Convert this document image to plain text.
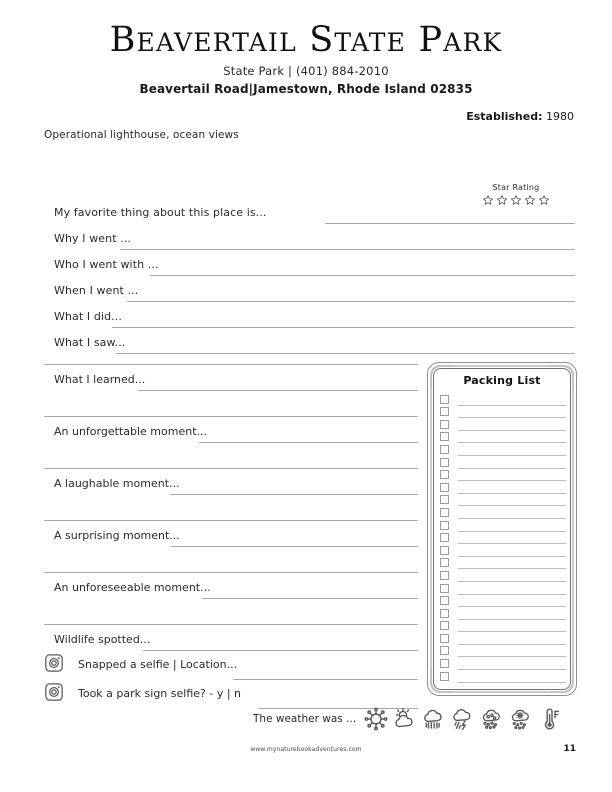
Beavertail State Park
State Park | (401) 884-2010
Beavertail Road|Jamestown, Rhode Island 02835
Established: 1980
Operational lighthouse, ocean views
Star Rating
My favorite thing about this place is...
Why I went ...
Who I went with ...
When I went ...
What I did...
What I saw...
What I learned...
An unforgettable moment...
A laughable moment...
A surprising moment...
An unforeseeable moment...
Wildlife spotted...
Snapped a selfie | Location...
Took a park sign selfie? - y | n
Packing List
The weather was ...
www.mynaturebookadventures.com	11
